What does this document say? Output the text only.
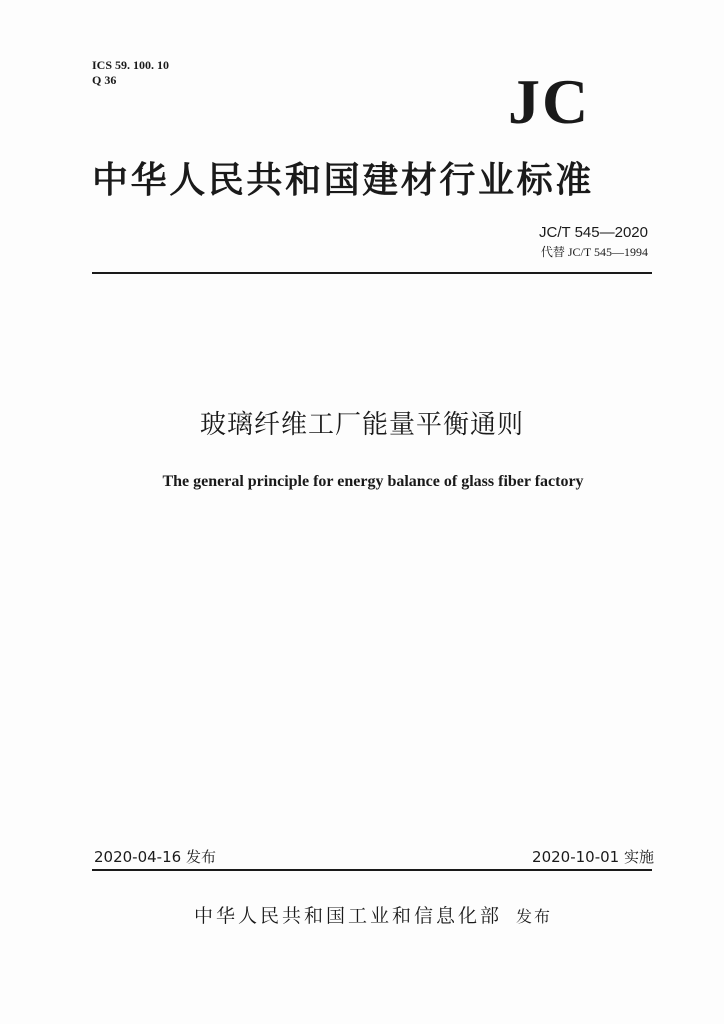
ICS 59. 100. 10
Q 36	JC
中华人民共和国建材行业标准
JC/T 545—2020
代替 JC/T 545—1994
玻璃纤维工厂能量平衡通则
The general principle for energy balance of glass fiber factory
2020-04-16 发布	2020-10-01 实施
中华人民共和国工业和信息化部 发布
